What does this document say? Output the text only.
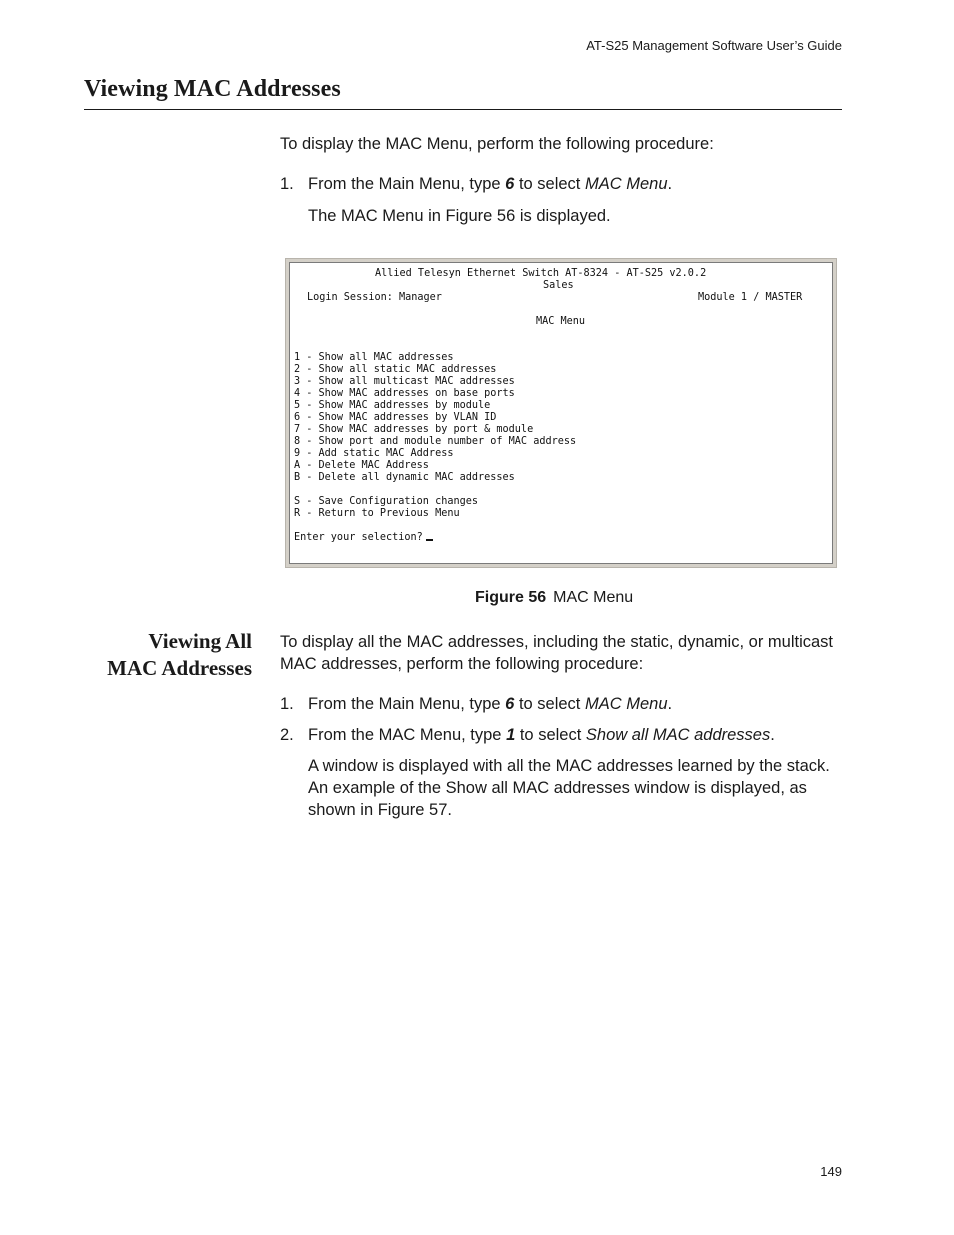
AT-S25 Management Software User’s Guide
Viewing MAC Addresses
To display the MAC Menu, perform the following procedure:
1. From the Main Menu, type 6 to select MAC Menu.
The MAC Menu in Figure 56 is displayed.
Allied Telesyn Ethernet Switch AT-8324 - AT-S25 v2.0.2
Sales
Login Session: Manager	Module 1 / MASTER
MAC Menu
1 - Show all MAC addresses
2 - Show all static MAC addresses
3 - Show all multicast MAC addresses
4 - Show MAC addresses on base ports
5 - Show MAC addresses by module
6 - Show MAC addresses by VLAN ID
7 - Show MAC addresses by port & module
8 - Show port and module number of MAC address
9 - Add static MAC Address
A - Delete MAC Address
B - Delete all dynamic MAC addresses
S - Save Configuration changes
R - Return to Previous Menu
Enter your selection?
Figure 56 MAC Menu
Viewing All
MAC Addresses
To display all the MAC addresses, including the static, dynamic, or multicast MAC addresses, perform the following procedure:
1. From the Main Menu, type 6 to select MAC Menu.
2. From the MAC Menu, type 1 to select Show all MAC addresses.
A window is displayed with all the MAC addresses learned by the stack. An example of the Show all MAC addresses window is displayed, as shown in Figure 57.
149
